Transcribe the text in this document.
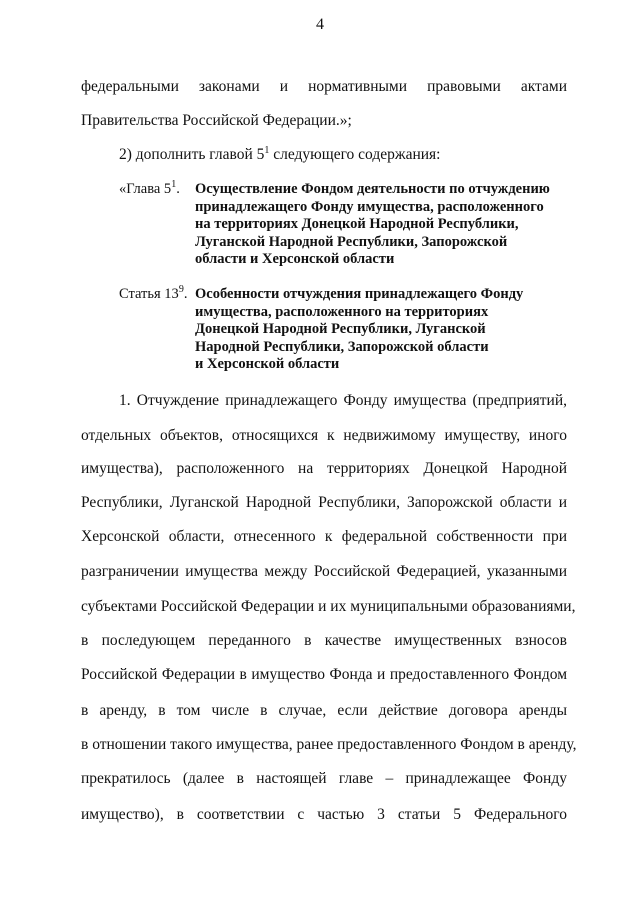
4
федеральными законами и нормативными правовыми актами
Правительства Российской Федерации.»;
2) дополнить главой $5^1$ следующего содержания:
«Глава $5^1$. Осуществление Фондом деятельности по отчуждению
принадлежащего Фонду имущества, расположенного
на территориях Донецкой Народной Республики,
Луганской Народной Республики, Запорожской
области и Херсонской области
Статья $13^9$. Особенности отчуждения принадлежащего Фонду
имущества, расположенного на территориях
Донецкой Народной Республики, Луганской
Народной Республики, Запорожской области
и Херсонской области
1. Отчуждение принадлежащего Фонду имущества (предприятий,
отдельных объектов, относящихся к недвижимому имуществу, иного
имущества), расположенного на территориях Донецкой Народной
Республики, Луганской Народной Республики, Запорожской области и
Херсонской области, отнесенного к федеральной собственности при
разграничении имущества между Российской Федерацией, указанными
субъектами Российской Федерации и их муниципальными образованиями,
в последующем переданного в качестве имущественных взносов
Российской Федерации в имущество Фонда и предоставленного Фондом
в аренду, в том числе в случае, если действие договора аренды
в отношении такого имущества, ранее предоставленного Фондом в аренду,
прекратилось (далее в настоящей главе – принадлежащее Фонду
имущество), в соответствии с частью 3 статьи 5 Федерального
